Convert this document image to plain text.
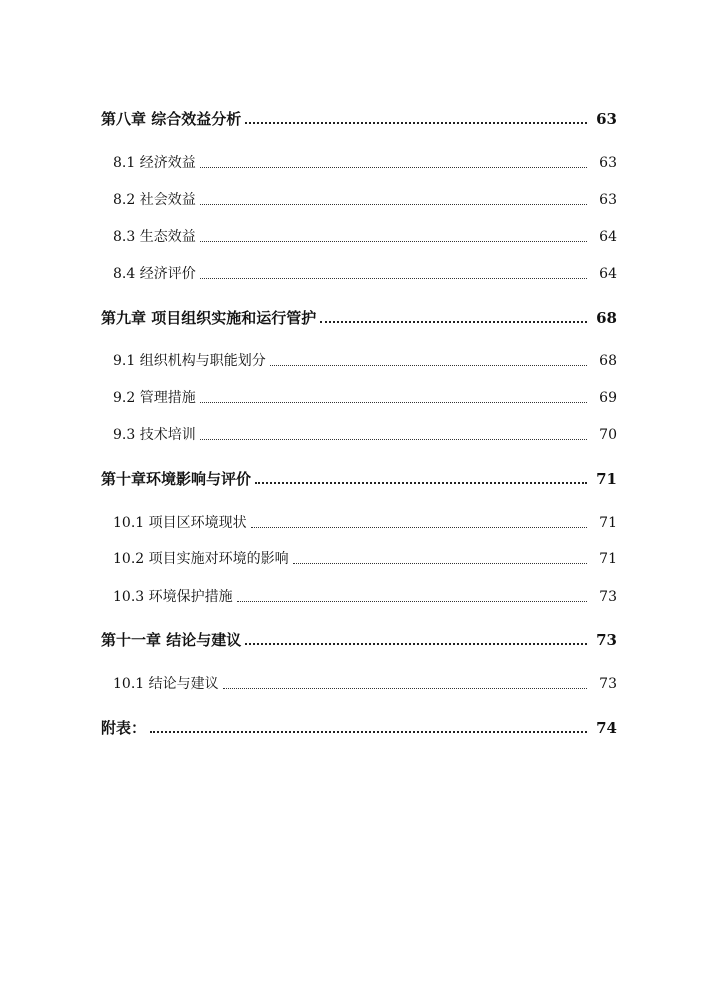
第八章 综合效益分析	63
8.1 经济效益	63
8.2 社会效益	63
8.3 生态效益	64
8.4 经济评价	64
第九章 项目组织实施和运行管护	68
9.1 组织机构与职能划分	68
9.2 管理措施	69
9.3 技术培训	70
第十章环境影响与评价	71
10.1 项目区环境现状	71
10.2 项目实施对环境的影响	71
10.3 环境保护措施	73
第十一章 结论与建议	73
10.1 结论与建议	73
附表：	74
